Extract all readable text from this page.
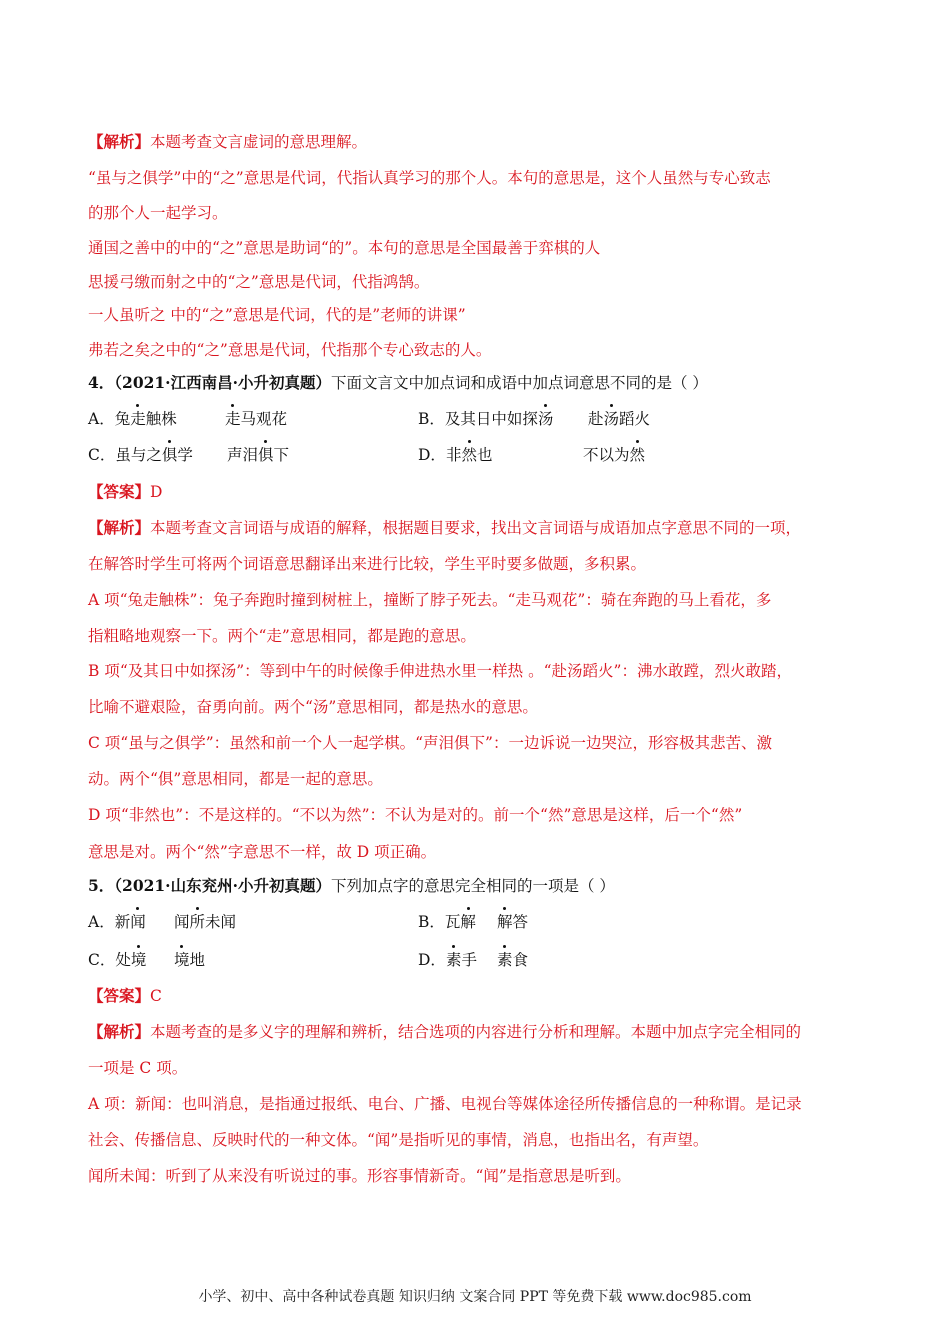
【解析】本题考查文言虚词的意思理解。
“虽与之俱学”中的“之”意思是代词，代指认真学习的那个人。本句的意思是，这个人虽然与专心致志
的那个人一起学习。
通国之善中的中的“之”意思是助词“的”。本句的意思是全国最善于弈棋的人
思援弓缴而射之中的“之”意思是代词，代指鸿鹄。
一人虽听之 中的“之”意思是代词，代的是”老师的讲课”
弗若之矣之中的“之”意思是代词，代指那个专心致志的人。
4．（2021·江西南昌·小升初真题）下面文言文中加点词和成语中加点词意思不同的是（ ）
A．兔走触株	走马观花	B．及其日中如探汤 赴汤蹈火
C．虽与之俱学 声泪俱下	D．非然也	不以为然
【答案】D
【解析】本题考查文言词语与成语的解释，根据题目要求，找出文言词语与成语加点字意思不同的一项，
在解答时学生可将两个词语意思翻译出来进行比较，学生平时要多做题，多积累。
A 项“兔走触株”：兔子奔跑时撞到树桩上，撞断了脖子死去。“走马观花”：骑在奔跑的马上看花，多
指粗略地观察一下。两个“走”意思相同，都是跑的意思。
B 项“及其日中如探汤”：等到中午的时候像手伸进热水里一样热 。“赴汤蹈火”：沸水敢蹚，烈火敢踏，
比喻不避艰险，奋勇向前。两个“汤”意思相同，都是热水的意思。
C 项“虽与之俱学”：虽然和前一个人一起学棋。“声泪俱下”：一边诉说一边哭泣，形容极其悲苦、激
动。两个“俱”意思相同，都是一起的意思。
D 项“非然也”：不是这样的。“不以为然”：不认为是对的。前一个“然”意思是这样，后一个“然”
意思是对。两个“然”字意思不一样，故 D 项正确。
5．（2021·山东兖州·小升初真题）下列加点字的意思完全相同的一项是（ ）
A．新闻 闻所未闻	B．瓦解 解答
C．处境 境地	D．素手 素食
【答案】C
【解析】本题考查的是多义字的理解和辨析，结合选项的内容进行分析和理解。本题中加点字完全相同的
一项是 C 项。
A 项：新闻：也叫消息，是指通过报纸、电台、广播、电视台等媒体途径所传播信息的一种称谓。是记录
社会、传播信息、反映时代的一种文体。“闻”是指听见的事情，消息，也指出名，有声望。
闻所未闻：听到了从来没有听说过的事。形容事情新奇。“闻”是指意思是听到。
小学、初中、高中各种试卷真题 知识归纳 文案合同 PPT 等免费下载 www.doc985.com
